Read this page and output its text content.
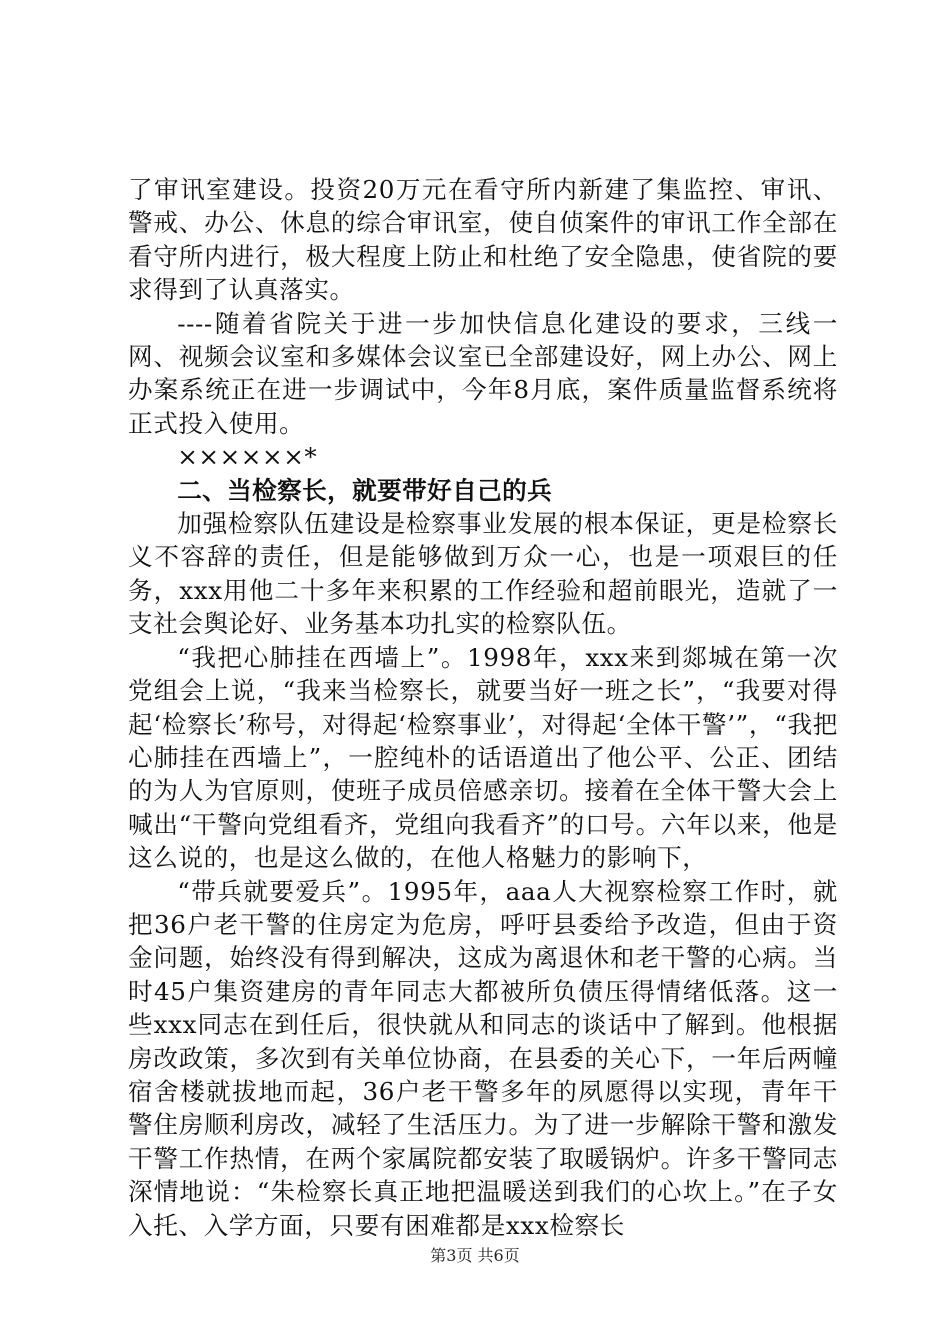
了审讯室建设。投资20万元在看守所内新建了集监控、审讯、警戒、办公、休息的综合审讯室，使自侦案件的审讯工作全部在看守所内进行，极大程度上防止和杜绝了安全隐患，使省院的要求得到了认真落实。

----随着省院关于进一步加快信息化建设的要求，三线一网、视频会议室和多媒体会议室已全部建设好，网上办公、网上办案系统正在进一步调试中，今年8月底，案件质量监督系统将正式投入使用。

××××××*

二、当检察长，就要带好自己的兵

加强检察队伍建设是检察事业发展的根本保证，更是检察长义不容辞的责任，但是能够做到万众一心，也是一项艰巨的任务，xxx用他二十多年来积累的工作经验和超前眼光，造就了一支社会舆论好、业务基本功扎实的检察队伍。

“我把心肺挂在西墙上”。1998年，xxx来到郯城在第一次党组会上说，“我来当检察长，就要当好一班之长”，“我要对得起‘检察长’称号，对得起‘检察事业’，对得起‘全体干警’”，“我把心肺挂在西墙上”，一腔纯朴的话语道出了他公平、公正、团结的为人为官原则，使班子成员倍感亲切。接着在全体干警大会上喊出“干警向党组看齐，党组向我看齐”的口号。六年以来，他是这么说的，也是这么做的，在他人格魅力的影响下，

“带兵就要爱兵”。1995年，aaa人大视察检察工作时，就把36户老干警的住房定为危房，呼吁县委给予改造，但由于资金问题，始终没有得到解决，这成为离退休和老干警的心病。当时45户集资建房的青年同志大都被所负债压得情绪低落。这一些xxx同志在到任后，很快就从和同志的谈话中了解到。他根据房改政策，多次到有关单位协商，在县委的关心下，一年后两幢宿舍楼就拔地而起，36户老干警多年的夙愿得以实现，青年干警住房顺利房改，减轻了生活压力。为了进一步解除干警和激发干警工作热情，在两个家属院都安装了取暖锅炉。许多干警同志深情地说：“朱检察长真正地把温暖送到我们的心坎上。”在子女入托、入学方面，只要有困难都是xxx检察长

第3页 共6页
